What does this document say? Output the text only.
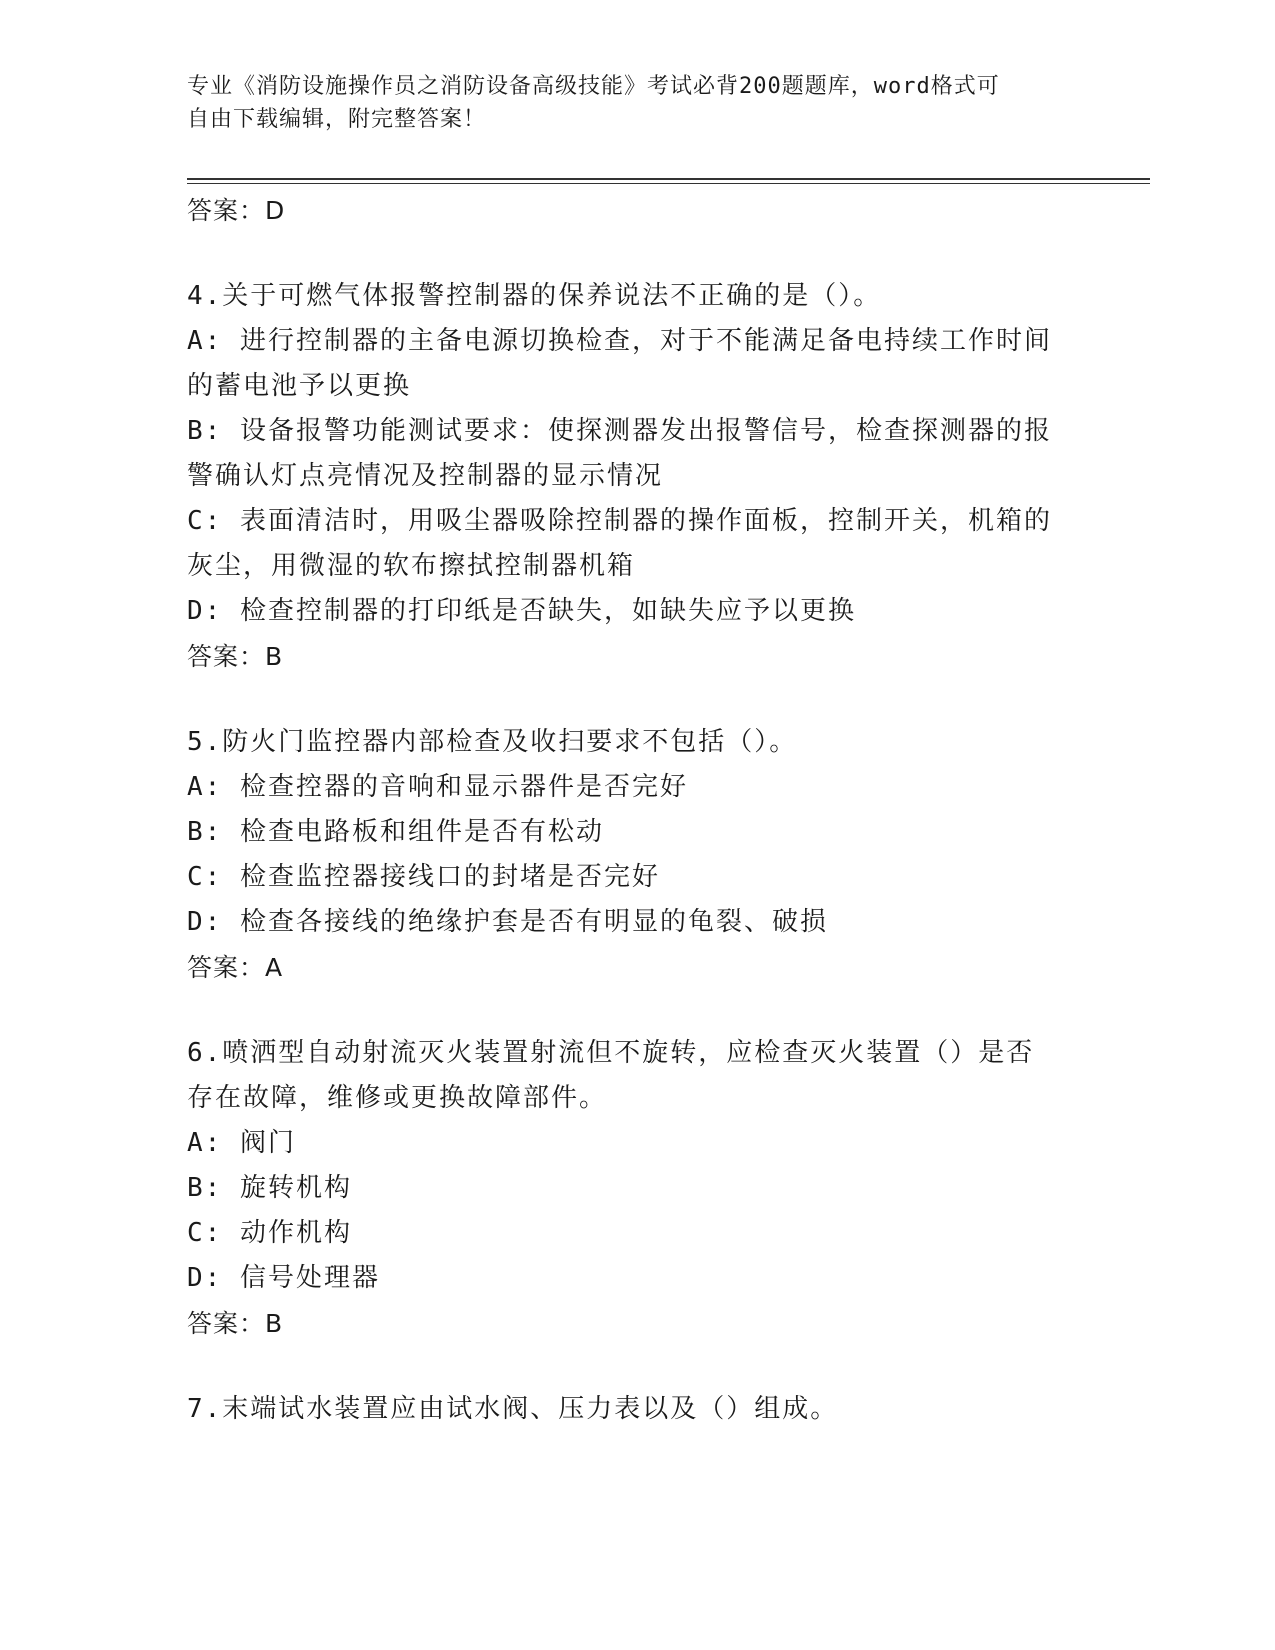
专业《消防设施操作员之消防设备高级技能》考试必背200题题库，word格式可
自由下载编辑，附完整答案！

答案：D

4.关于可燃气体报警控制器的保养说法不正确的是（）。

A: 进行控制器的主备电源切换检查，对于不能满足备电持续工作时间

的蓄电池予以更换

B: 设备报警功能测试要求：使探测器发出报警信号，检查探测器的报

警确认灯点亮情况及控制器的显示情况

C: 表面清洁时，用吸尘器吸除控制器的操作面板，控制开关，机箱的

灰尘，用微湿的软布擦拭控制器机箱

D: 检查控制器的打印纸是否缺失，如缺失应予以更换

答案：B

5.防火门监控器内部检查及收扫要求不包括（）。

A: 检查控器的音响和显示器件是否完好

B: 检查电路板和组件是否有松动

C: 检查监控器接线口的封堵是否完好

D: 检查各接线的绝缘护套是否有明显的龟裂、破损

答案：A

6.喷洒型自动射流灭火装置射流但不旋转，应检查灭火装置（）是否

存在故障，维修或更换故障部件。

A: 阀门

B: 旋转机构

C: 动作机构

D: 信号处理器

答案：B

7.末端试水装置应由试水阀、压力表以及（）组成。
